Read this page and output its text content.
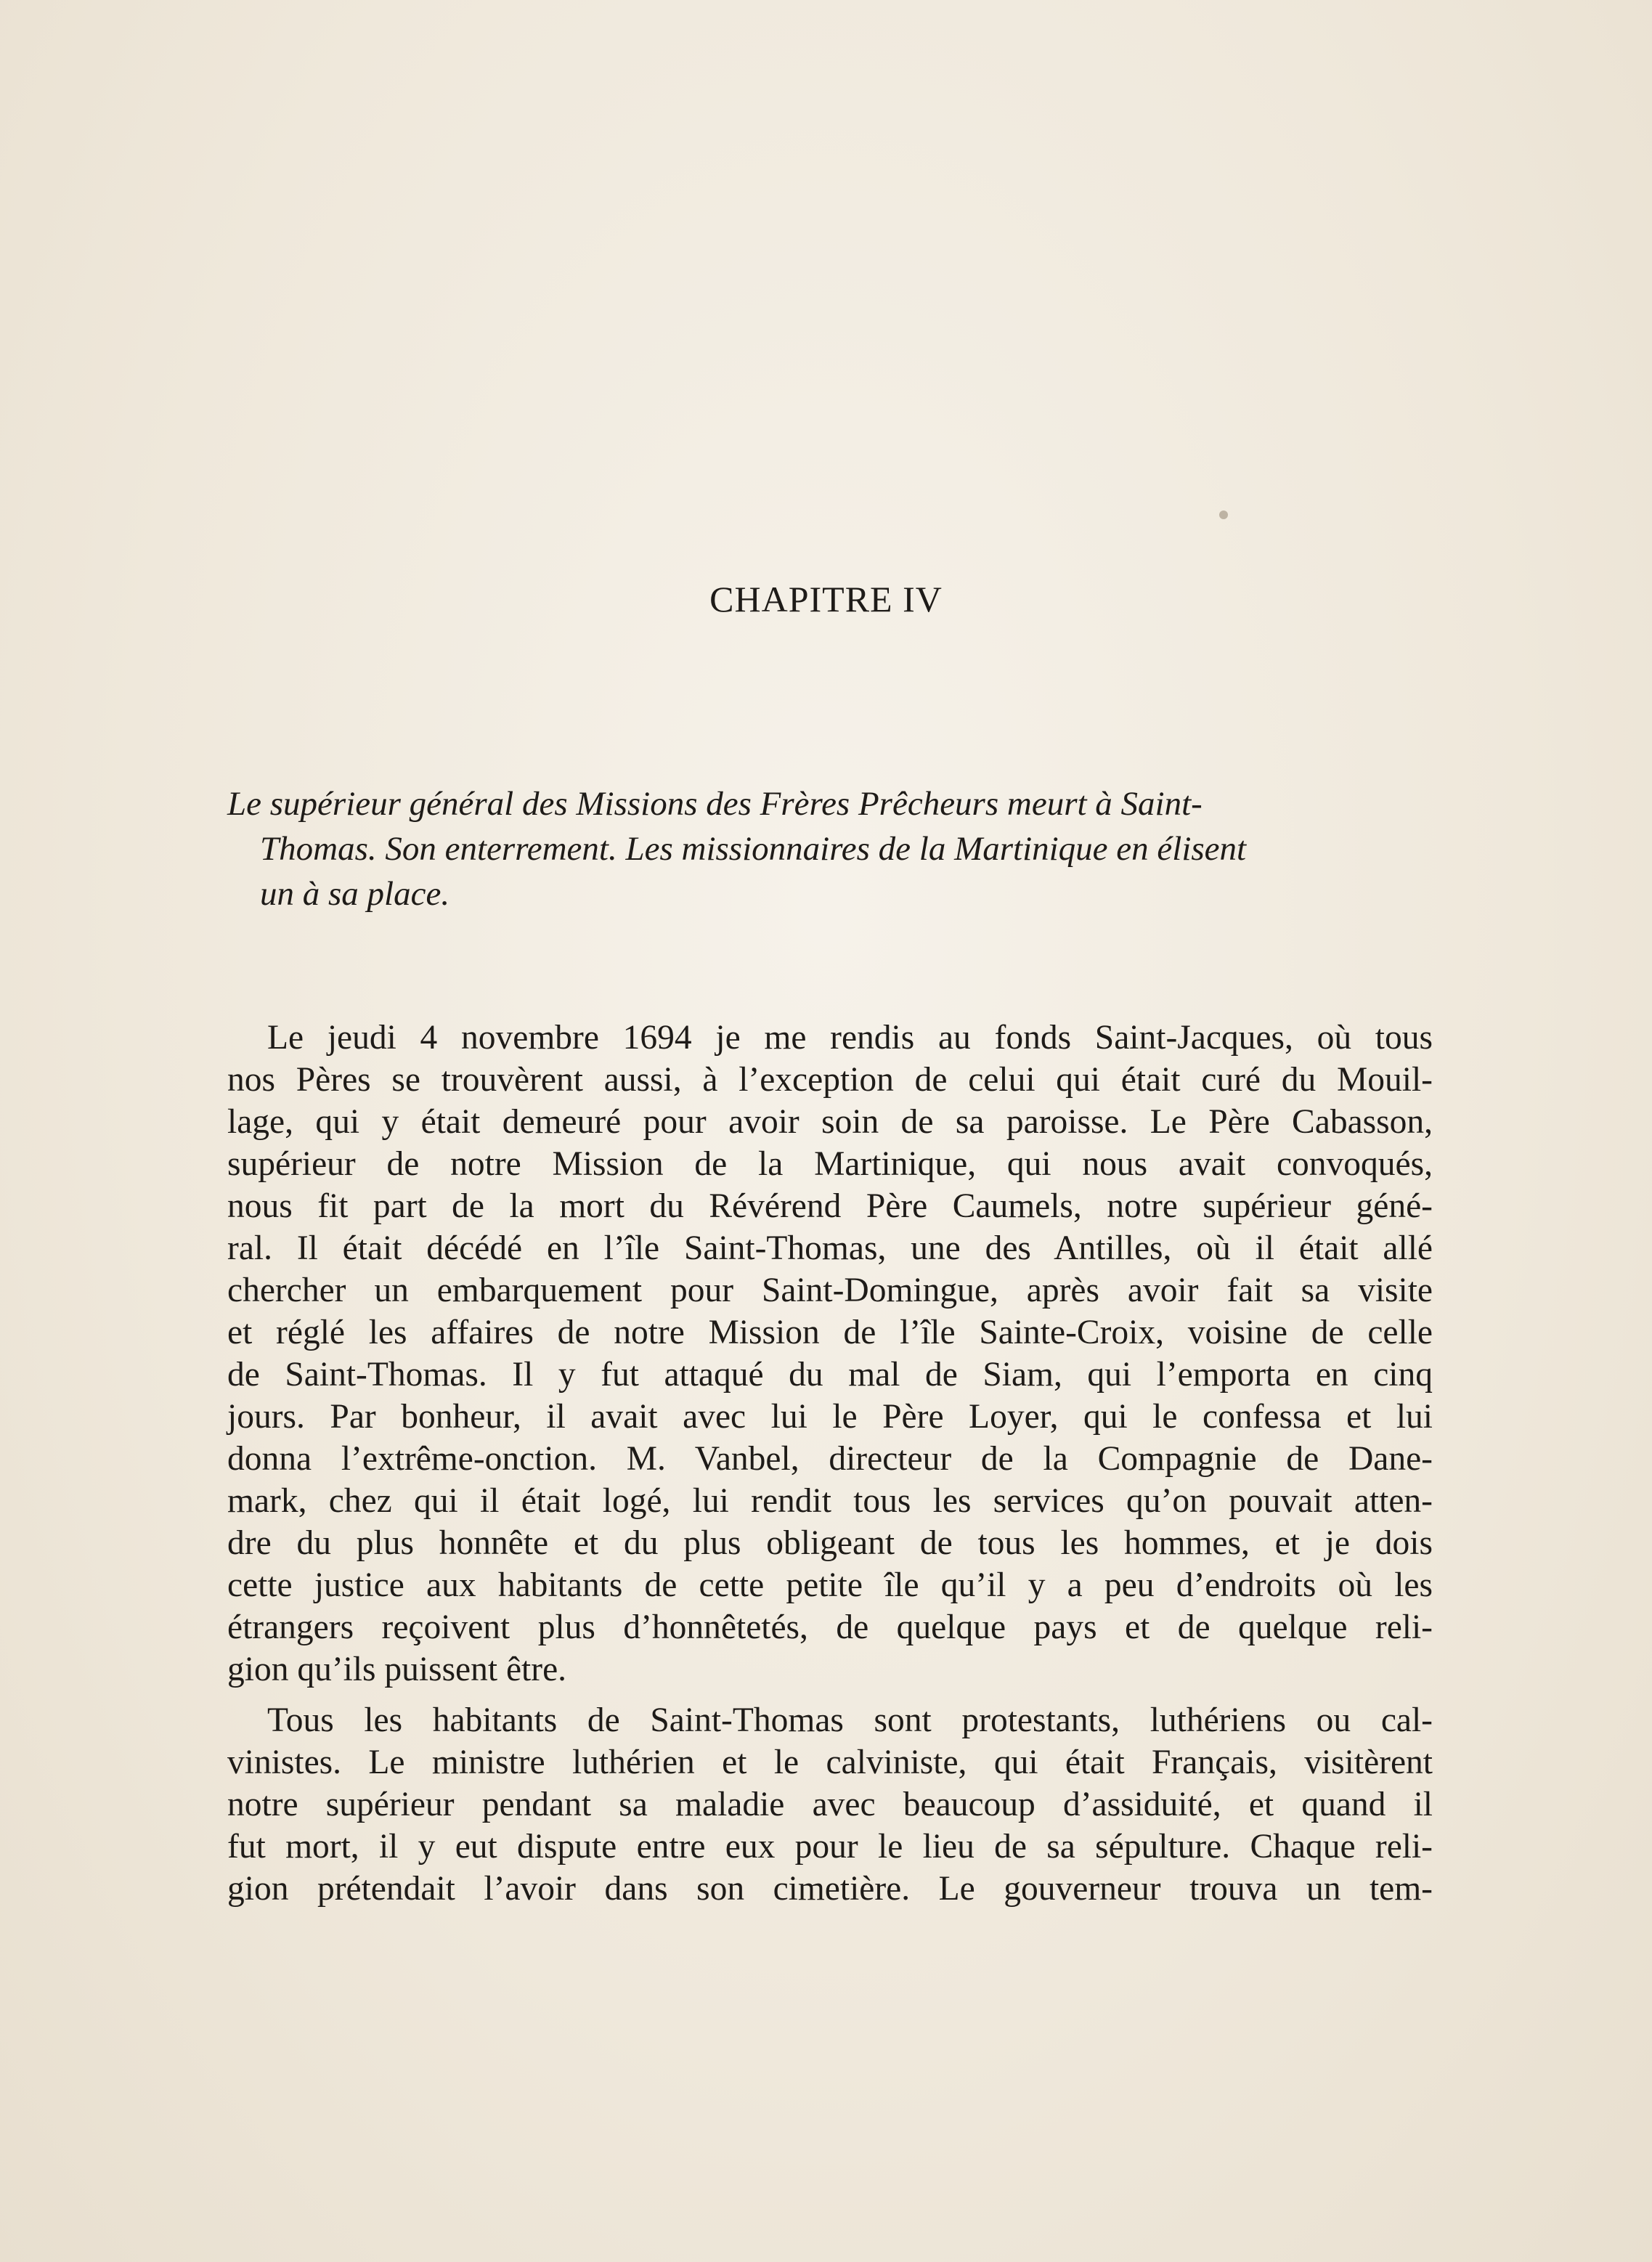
CHAPITRE IV

Le supérieur général des Missions des Frères Prêcheurs meurt à Saint-
Thomas. Son enterrement. Les missionnaires de la Martinique en élisent
un à sa place.

Le jeudi 4 novembre 1694 je me rendis au fonds Saint-Jacques, où tous
nos Pères se trouvèrent aussi, à l’exception de celui qui était curé du Mouil-
lage, qui y était demeuré pour avoir soin de sa paroisse. Le Père Cabasson,
supérieur de notre Mission de la Martinique, qui nous avait convoqués,
nous fit part de la mort du Révérend Père Caumels, notre supérieur géné-
ral. Il était décédé en l’île Saint-Thomas, une des Antilles, où il était allé
chercher un embarquement pour Saint-Domingue, après avoir fait sa visite
et réglé les affaires de notre Mission de l’île Sainte-Croix, voisine de celle
de Saint-Thomas. Il y fut attaqué du mal de Siam, qui l’emporta en cinq
jours. Par bonheur, il avait avec lui le Père Loyer, qui le confessa et lui
donna l’extrême-onction. M. Vanbel, directeur de la Compagnie de Dane-
mark, chez qui il était logé, lui rendit tous les services qu’on pouvait atten-
dre du plus honnête et du plus obligeant de tous les hommes, et je dois
cette justice aux habitants de cette petite île qu’il y a peu d’endroits où les
étrangers reçoivent plus d’honnêtetés, de quelque pays et de quelque reli-
gion qu’ils puissent être.
Tous les habitants de Saint-Thomas sont protestants, luthériens ou cal-
vinistes. Le ministre luthérien et le calviniste, qui était Français, visitèrent
notre supérieur pendant sa maladie avec beaucoup d’assiduité, et quand il
fut mort, il y eut dispute entre eux pour le lieu de sa sépulture. Chaque reli-
gion prétendait l’avoir dans son cimetière. Le gouverneur trouva un tem-
